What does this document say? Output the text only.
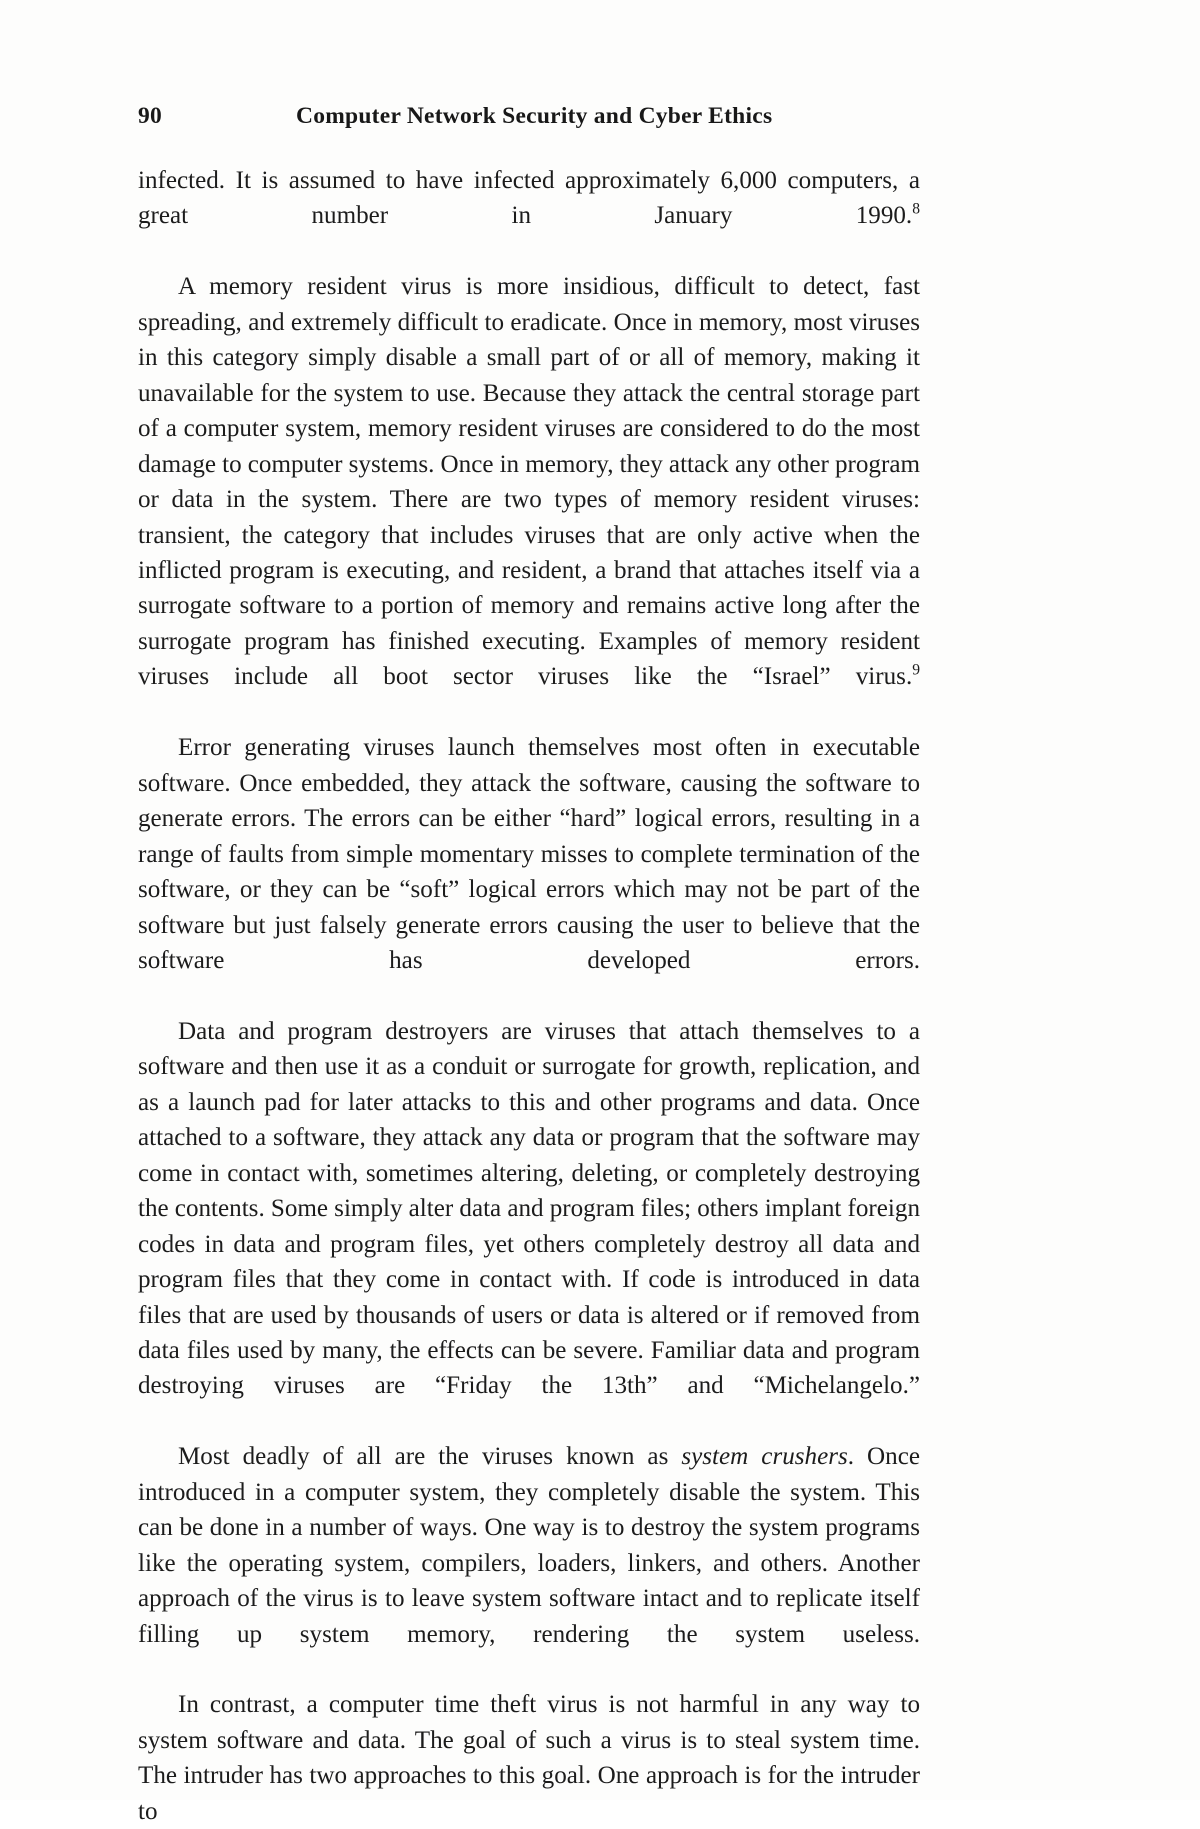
90	Computer Network Security and Cyber Ethics

infected. It is assumed to have infected approximately 6,000 computers, a great number in January 1990.$^8$

A memory resident virus is more insidious, difficult to detect, fast spreading, and extremely difficult to eradicate. Once in memory, most viruses in this category simply disable a small part of or all of memory, making it unavailable for the system to use. Because they attack the central storage part of a computer system, memory resident viruses are considered to do the most damage to computer systems. Once in memory, they attack any other program or data in the system. There are two types of memory resident viruses: transient, the category that includes viruses that are only active when the inflicted program is executing, and resident, a brand that attaches itself via a surrogate software to a portion of memory and remains active long after the surrogate program has finished executing. Examples of memory resident viruses include all boot sector viruses like the “Israel” virus.$^9$

Error generating viruses launch themselves most often in executable software. Once embedded, they attack the software, causing the software to generate errors. The errors can be either “hard” logical errors, resulting in a range of faults from simple momentary misses to complete termination of the software, or they can be “soft” logical errors which may not be part of the software but just falsely generate errors causing the user to believe that the software has developed errors.

Data and program destroyers are viruses that attach themselves to a software and then use it as a conduit or surrogate for growth, replication, and as a launch pad for later attacks to this and other programs and data. Once attached to a software, they attack any data or program that the software may come in contact with, sometimes altering, deleting, or completely destroying the contents. Some simply alter data and program files; others implant foreign codes in data and program files, yet others completely destroy all data and program files that they come in contact with. If code is introduced in data files that are used by thousands of users or data is altered or if removed from data files used by many, the effects can be severe. Familiar data and program destroying viruses are “Friday the 13th” and “Michelangelo.”

Most deadly of all are the viruses known as system crushers. Once introduced in a computer system, they completely disable the system. This can be done in a number of ways. One way is to destroy the system programs like the operating system, compilers, loaders, linkers, and others. Another approach of the virus is to leave system software intact and to replicate itself filling up system memory, rendering the system useless.

In contrast, a computer time theft virus is not harmful in any way to system software and data. The goal of such a virus is to steal system time. The intruder has two approaches to this goal. One approach is for the intruder to
